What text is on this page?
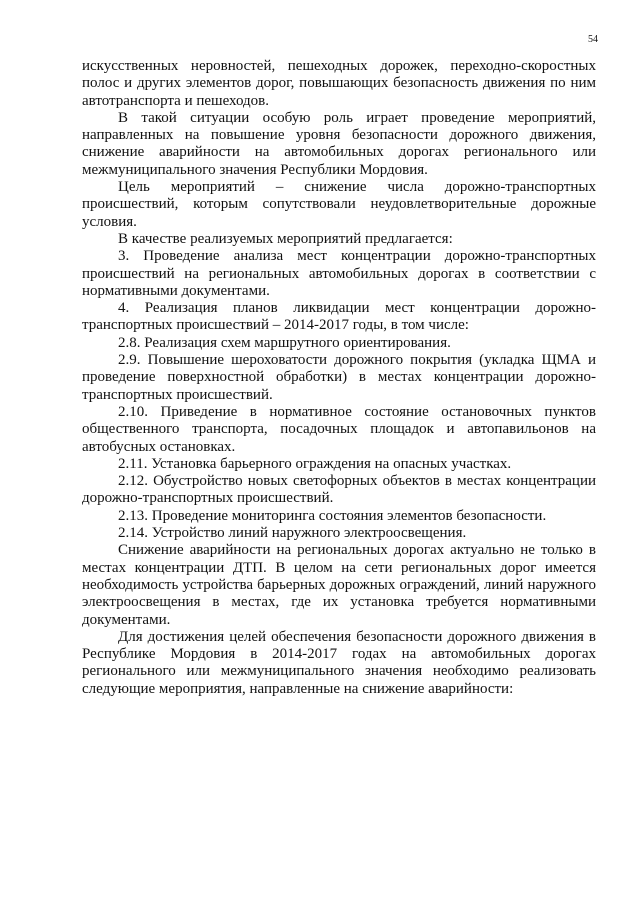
54

искусственных неровностей, пешеходных дорожек, переходно-скоростных полос и других элементов дорог, повышающих безопасность движения по ним автотранспорта и пешеходов.

В такой ситуации особую роль играет проведение мероприятий, направленных на повышение уровня безопасности дорожного движения, снижение аварийности на автомобильных дорогах регионального или межмуниципального значения Республики Мордовия.

Цель мероприятий – снижение числа дорожно-транспортных происшествий, которым сопутствовали неудовлетворительные дорожные условия.

В качестве реализуемых мероприятий предлагается:

3. Проведение анализа мест концентрации дорожно-транспортных происшествий на региональных автомобильных дорогах в соответствии с нормативными документами.

4. Реализация планов ликвидации мест концентрации дорожно-транспортных происшествий – 2014-2017 годы, в том числе:

2.8. Реализация схем маршрутного ориентирования.

2.9. Повышение шероховатости дорожного покрытия (укладка ЩМА и проведение поверхностной обработки) в местах концентрации дорожно-транспортных происшествий.

2.10. Приведение в нормативное состояние остановочных пунктов общественного транспорта, посадочных площадок и автопавильонов на автобусных остановках.

2.11. Установка барьерного ограждения на опасных участках.

2.12. Обустройство новых светофорных объектов в местах концентрации дорожно-транспортных происшествий.

2.13. Проведение мониторинга состояния элементов безопасности.

2.14. Устройство линий наружного электроосвещения.

Снижение аварийности на региональных дорогах актуально не только в местах концентрации ДТП. В целом на сети региональных дорог имеется необходимость устройства барьерных дорожных ограждений, линий наружного электроосвещения в местах, где их установка требуется нормативными документами.

Для достижения целей обеспечения безопасности дорожного движения в Республике Мордовия в 2014-2017 годах на автомобильных дорогах регионального или межмуниципального значения необходимо реализовать следующие мероприятия, направленные на снижение аварийности:
